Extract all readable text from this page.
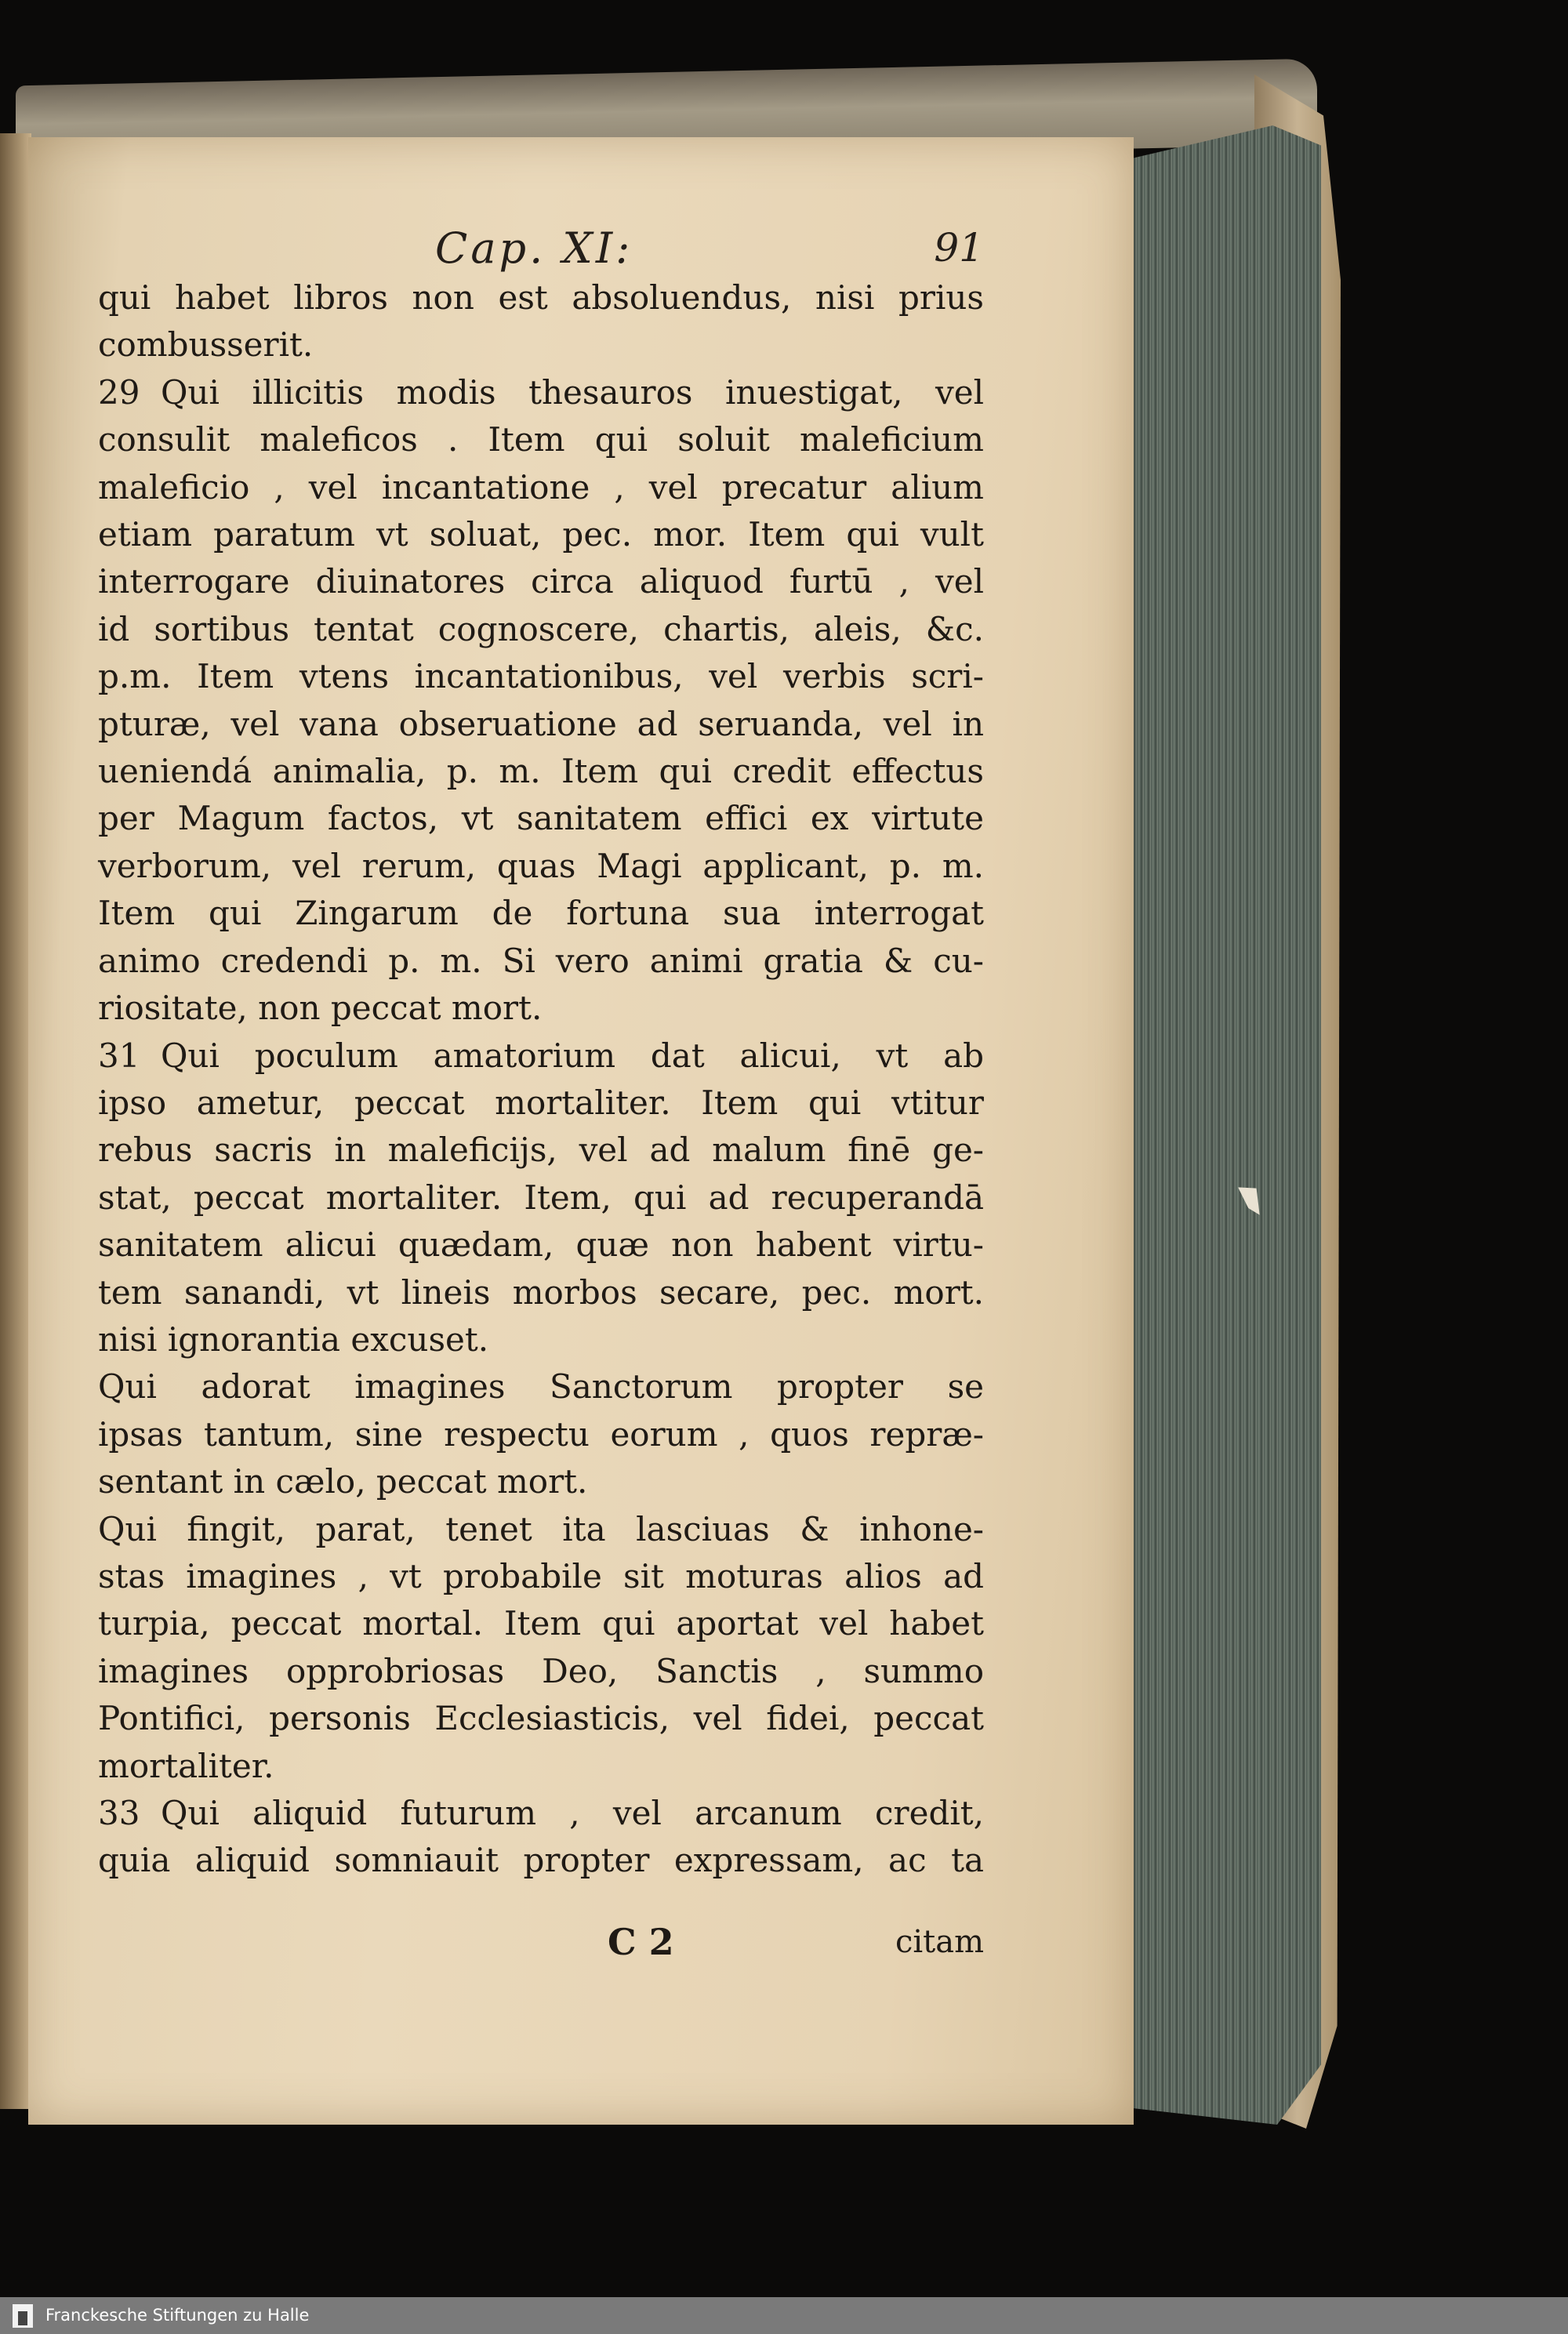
Cap. XI:	91
qui habet libros non est absoluendus, nisi prius
combusserit.
29 Qui illicitis modis thesauros inuestigat, vel
consulit maleficos . Item qui soluit maleficium
maleficio , vel incantatione , vel precatur alium
etiam paratum vt soluat, pec. mor. Item qui vult
interrogare diuinatores circa aliquod furtū , vel
id sortibus tentat cognoscere, chartis, aleis, &c.
p.m. Item vtens incantationibus, vel verbis scri-
pturæ, vel vana obseruatione ad seruanda, vel in
ueniendá animalia, p. m. Item qui credit effectus
per Magum factos, vt sanitatem effici ex virtute
verborum, vel rerum, quas Magi applicant, p. m.
Item qui Zingarum de fortuna sua interrogat
animo credendi p. m. Si vero animi gratia & cu-
riositate, non peccat mort.
31 Qui poculum amatorium dat alicui, vt ab
ipso ametur, peccat mortaliter. Item qui vtitur
rebus sacris in maleficijs, vel ad malum finē ge-
stat, peccat mortaliter. Item, qui ad recuperandā
sanitatem alicui quædam, quæ non habent virtu-
tem sanandi, vt lineis morbos secare, pec. mort.
nisi ignorantia excuset.
Qui adorat imagines Sanctorum propter se
ipsas tantum, sine respectu eorum , quos repræ-
sentant in cælo, peccat mort.
Qui fingit, parat, tenet ita lasciuas & inhone-
stas imagines , vt probabile sit moturas alios ad
turpia, peccat mortal. Item qui aportat vel habet
imagines opprobriosas Deo, Sanctis , summo
Pontifici, personis Ecclesiasticis, vel fidei, peccat
mortaliter.
33 Qui aliquid futurum , vel arcanum credit,
quia aliquid somniauit propter expressam, ac ta
C 2	citam
Franckesche Stiftungen zu Halle
